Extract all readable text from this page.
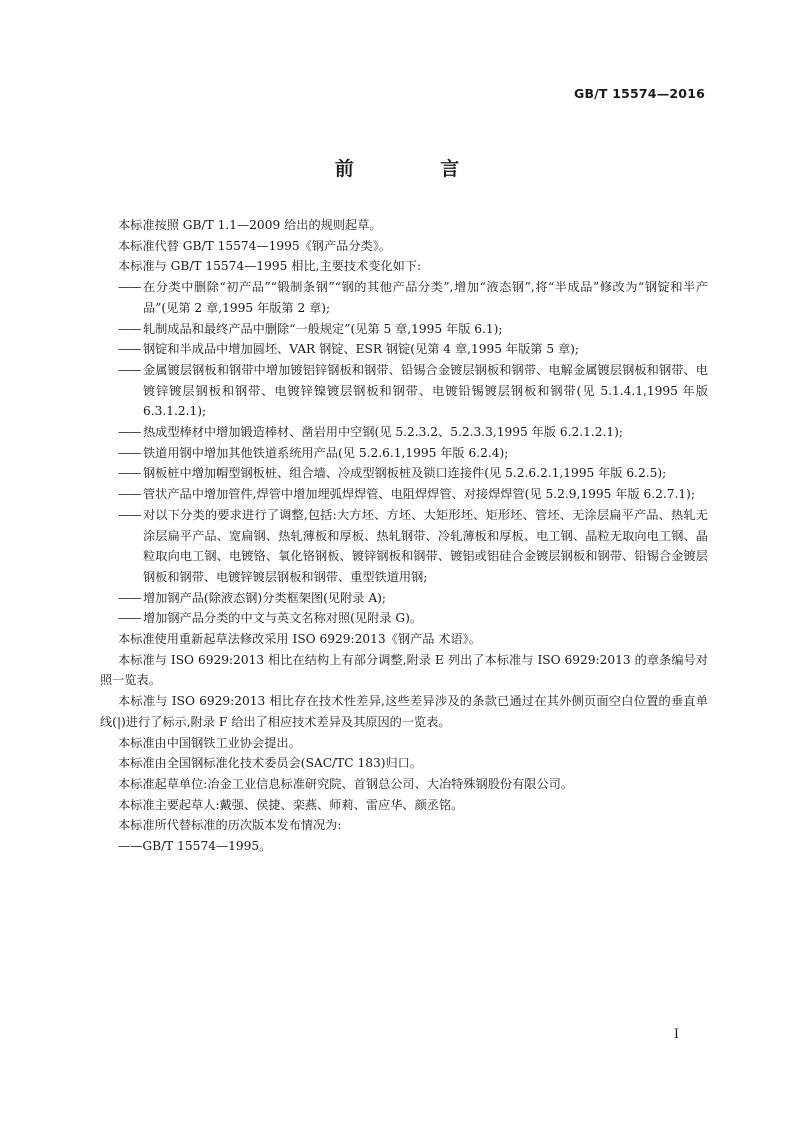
GB/T 15574—2016
前 言

本标准按照 GB/T 1.1—2009 给出的规则起草。

本标准代替 GB/T 15574—1995《钢产品分类》。

本标准与 GB/T 15574—1995 相比,主要技术变化如下:

—— 在分类中删除“初产品”“锻制条钢”“钢的其他产品分类”,增加“液态钢”,将“半成品”修改为“钢锭和半产品”(见第 2 章,1995 年版第 2 章);
—— 轧制成品和最终产品中删除“一般规定”(见第 5 章,1995 年版 6.1);
—— 钢锭和半成品中增加圆坯、VAR 钢锭、ESR 钢锭(见第 4 章,1995 年版第 5 章);
—— 金属镀层钢板和钢带中增加镀铝锌钢板和钢带、铅锡合金镀层钢板和钢带、电解金属镀层钢板和钢带、电镀锌镀层钢板和钢带、电镀锌镍镀层钢板和钢带、电镀铅锡镀层钢板和钢带(见 5.1.4.1,1995 年版 6.3.1.2.1);
—— 热成型棒材中增加锻造棒材、凿岩用中空钢(见 5.2.3.2、5.2.3.3,1995 年版 6.2.1.2.1);
—— 铁道用钢中增加其他铁道系统用产品(见 5.2.6.1,1995 年版 6.2.4);
—— 钢板桩中增加帽型钢板桩、组合墙、冷成型钢板桩及锁口连接件(见 5.2.6.2.1,1995 年版 6.2.5);
—— 管状产品中增加管件,焊管中增加埋弧焊焊管、电阻焊焊管、对接焊焊管(见 5.2.9,1995 年版 6.2.7.1);
—— 对以下分类的要求进行了调整,包括:大方坯、方坯、大矩形坯、矩形坯、管坯、无涂层扁平产品、热轧无涂层扁平产品、宽扁钢、热轧薄板和厚板、热轧钢带、冷轧薄板和厚板、电工钢、晶粒无取向电工钢、晶粒取向电工钢、电镀铬、氧化铬钢板、镀锌钢板和钢带、镀铝或铝硅合金镀层钢板和钢带、铅锡合金镀层钢板和钢带、电镀锌镀层钢板和钢带、重型铁道用钢;
—— 增加钢产品(除液态钢)分类框架图(见附录 A);
—— 增加钢产品分类的中文与英文名称对照(见附录 G)。

本标准使用重新起草法修改采用 ISO 6929:2013《钢产品 术语》。

本标准与 ISO 6929:2013 相比在结构上有部分调整,附录 E 列出了本标准与 ISO 6929:2013 的章条编号对照一览表。

本标准与 ISO 6929:2013 相比存在技术性差异,这些差异涉及的条款已通过在其外侧页面空白位置的垂直单线(|)进行了标示,附录 F 给出了相应技术差异及其原因的一览表。

本标准由中国钢铁工业协会提出。

本标准由全国钢标准化技术委员会(SAC/TC 183)归口。

本标准起草单位:冶金工业信息标准研究院、首钢总公司、大冶特殊钢股份有限公司。

本标准主要起草人:戴强、侯捷、栾燕、师莉、雷应华、颜丞铭。

本标准所代替标准的历次版本发布情况为:

——GB/T 15574—1995。

I
